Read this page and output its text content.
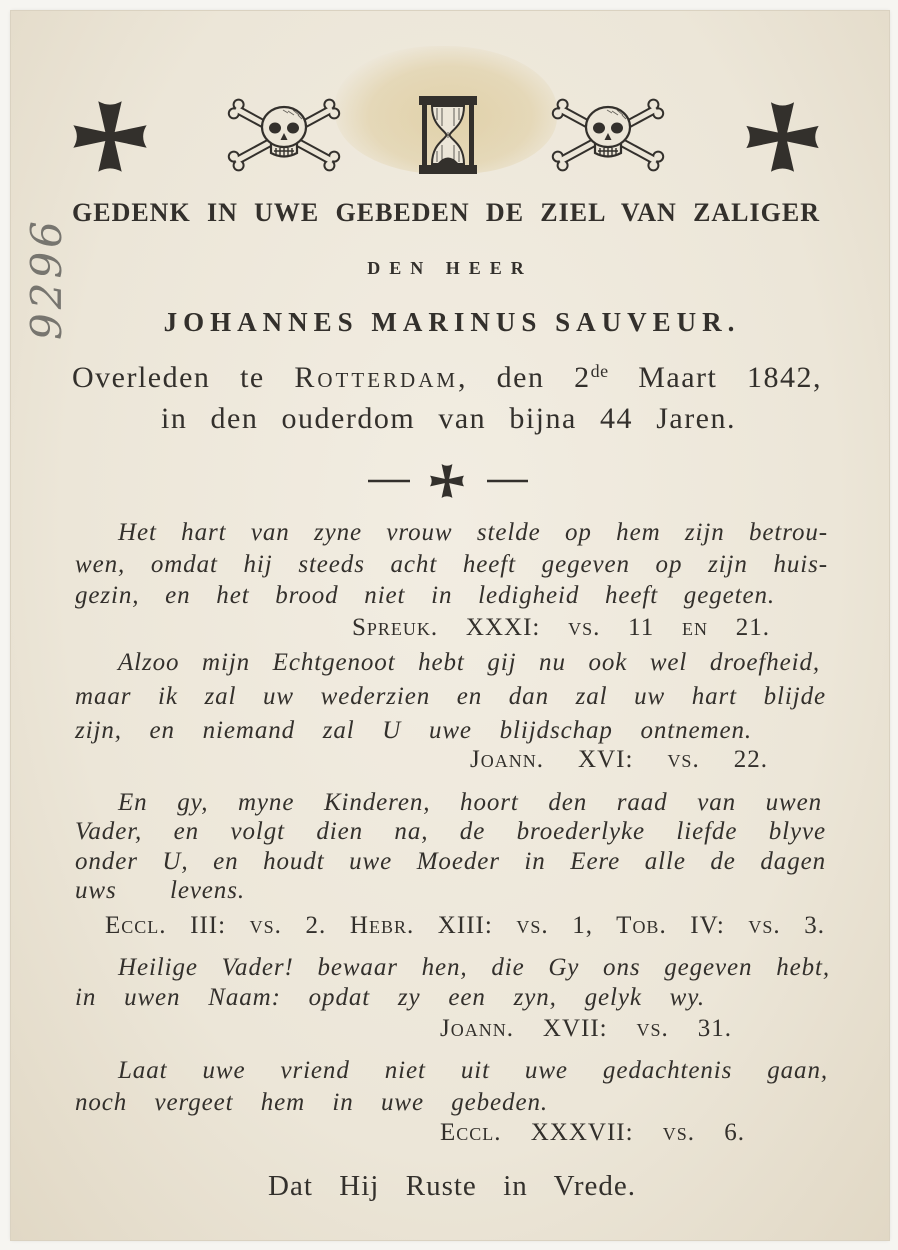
9296
GEDENK IN UWE GEBEDEN DE ZIEL VAN ZALIGER
DEN HEER
JOHANNES MARINUS SAUVEUR.
Overleden te Rotterdam, den 2de Maart 1842,
in den ouderdom van bijna 44 Jaren.
Het hart van zyne vrouw stelde op hem zijn betrou-
wen, omdat hij steeds acht heeft gegeven op zijn huis-
gezin, en het brood niet in ledigheid heeft gegeten.
Spreuk. XXXI: vs. 11 en 21.
Alzoo mijn Echtgenoot hebt gij nu ook wel droefheid,
maar ik zal uw wederzien en dan zal uw hart blijde
zijn, en niemand zal U uwe blijdschap ontnemen.
Joann. XVI: vs. 22.
En gy, myne Kinderen, hoort den raad van uwen
Vader, en volgt dien na, de broederlyke liefde blyve
onder U, en houdt uwe Moeder in Eere alle de dagen
uws levens.
Eccl. III: vs. 2. Hebr. XIII: vs. 1, Tob. IV: vs. 3.
Heilige Vader! bewaar hen, die Gy ons gegeven hebt,
in uwen Naam: opdat zy een zyn, gelyk wy.
Joann. XVII: vs. 31.
Laat uwe vriend niet uit uwe gedachtenis gaan,
noch vergeet hem in uwe gebeden.
Eccl. XXXVII: vs. 6.
Dat Hij Ruste in Vrede.
